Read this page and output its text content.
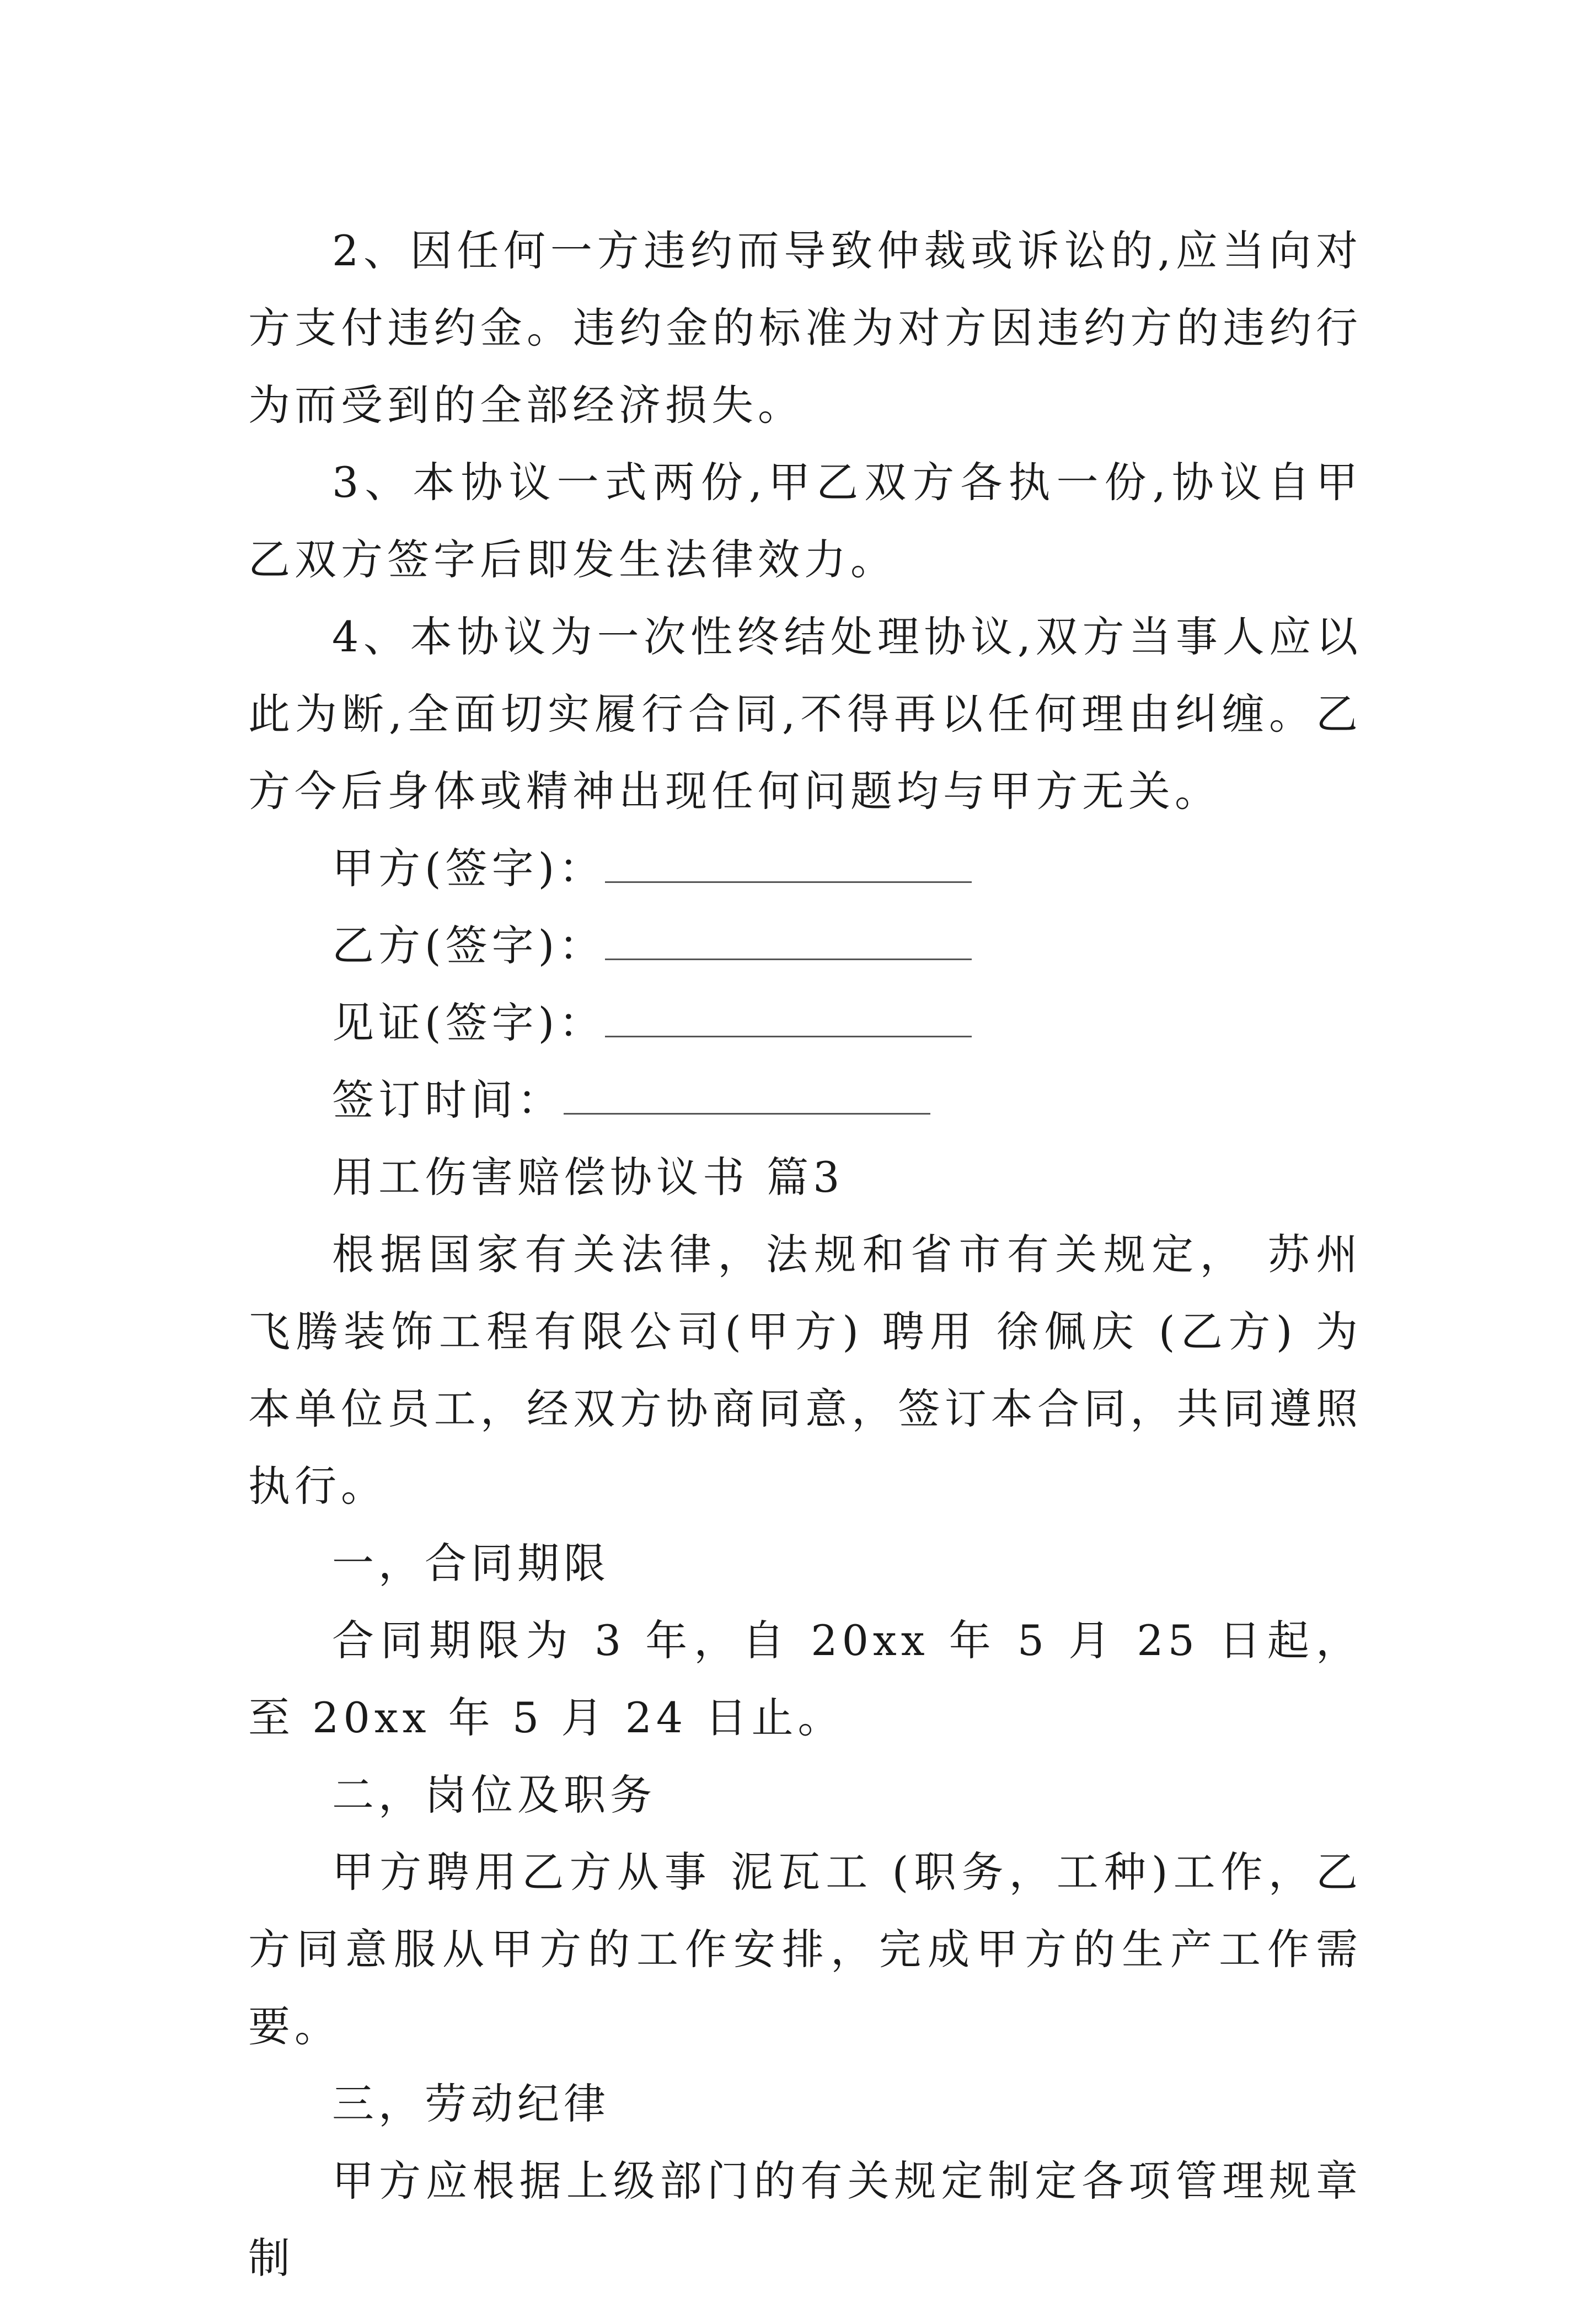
2、因任何一方违约而导致仲裁或诉讼的,应当向对方支付违约金。违约金的标准为对方因违约方的违约行为而受到的全部经济损失。

3、本协议一式两份,甲乙双方各执一份,协议自甲乙双方签字后即发生法律效力。

4、本协议为一次性终结处理协议,双方当事人应以此为断,全面切实履行合同,不得再以任何理由纠缠。乙方今后身体或精神出现任何问题均与甲方无关。

甲方(签字)：

乙方(签字)：

见证(签字)：

签订时间：

用工伤害赔偿协议书 篇3

根据国家有关法律，法规和省市有关规定， 苏州飞腾装饰工程有限公司(甲方) 聘用 徐佩庆 (乙方) 为本单位员工，经双方协商同意，签订本合同，共同遵照执行。

一，合同期限

合同期限为 3 年，自 20xx 年 5 月 25 日起， 至 20xx 年 5 月 24 日止。

二，岗位及职务

甲方聘用乙方从事 泥瓦工 (职务，工种)工作，乙方同意服从甲方的工作安排，完成甲方的生产工作需要。

三，劳动纪律

甲方应根据上级部门的有关规定制定各项管理规章制
